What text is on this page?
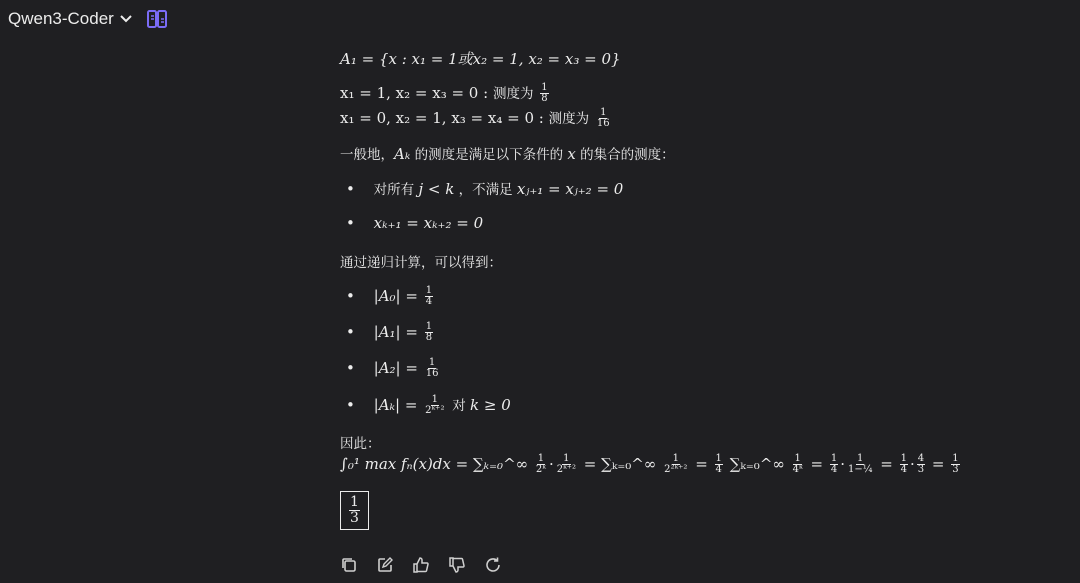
Qwen3-Coder
A₁ = {x : x₁ = 1或x₂ = 1, x₂ = x₃ = 0}
x₁ = 1, x₂ = x₃ = 0 : 测度为 $\frac{1}{8}$
x₁ = 0, x₂ = 1, x₃ = x₄ = 0 : 测度为 $\frac{1}{16}$
一般地，Aₖ 的测度是满足以下条件的 x 的集合的测度：
• 对所有 j < k ，不满足 xⱼ₊₁ = xⱼ₊₂ = 0
• xₖ₊₁ = xₖ₊₂ = 0
通过递归计算，可以得到：
• $|A_0| = \frac{1}{4}$
• $|A_1| = \frac{1}{8}$
• $|A_2| = \frac{1}{16}$
• $|A_k| = \frac{1}{\text{2ᵏ⁺²}}$ 对 k ≥ 0
因此：
∫₀¹ max fₙ(x)dx = ∑ₖ₌₀^∞ $\frac{1}{\text{2ᵏ}} \cdot \frac{1}{\text{2ᵏ⁺²}}$ = ∑ₖ₌₀^∞ $\frac{1}{\text{2²ᵏ⁺²}} = \frac{1}{4}$ ∑ₖ₌₀^∞ $\frac{1}{\text{4ᵏ}} = \frac{1}{4} \cdot \frac{1}{\text{1−¼}} = \frac{1}{4} \cdot \frac{4}{3} = \frac{1}{3}$
$\frac{1}{3}$
